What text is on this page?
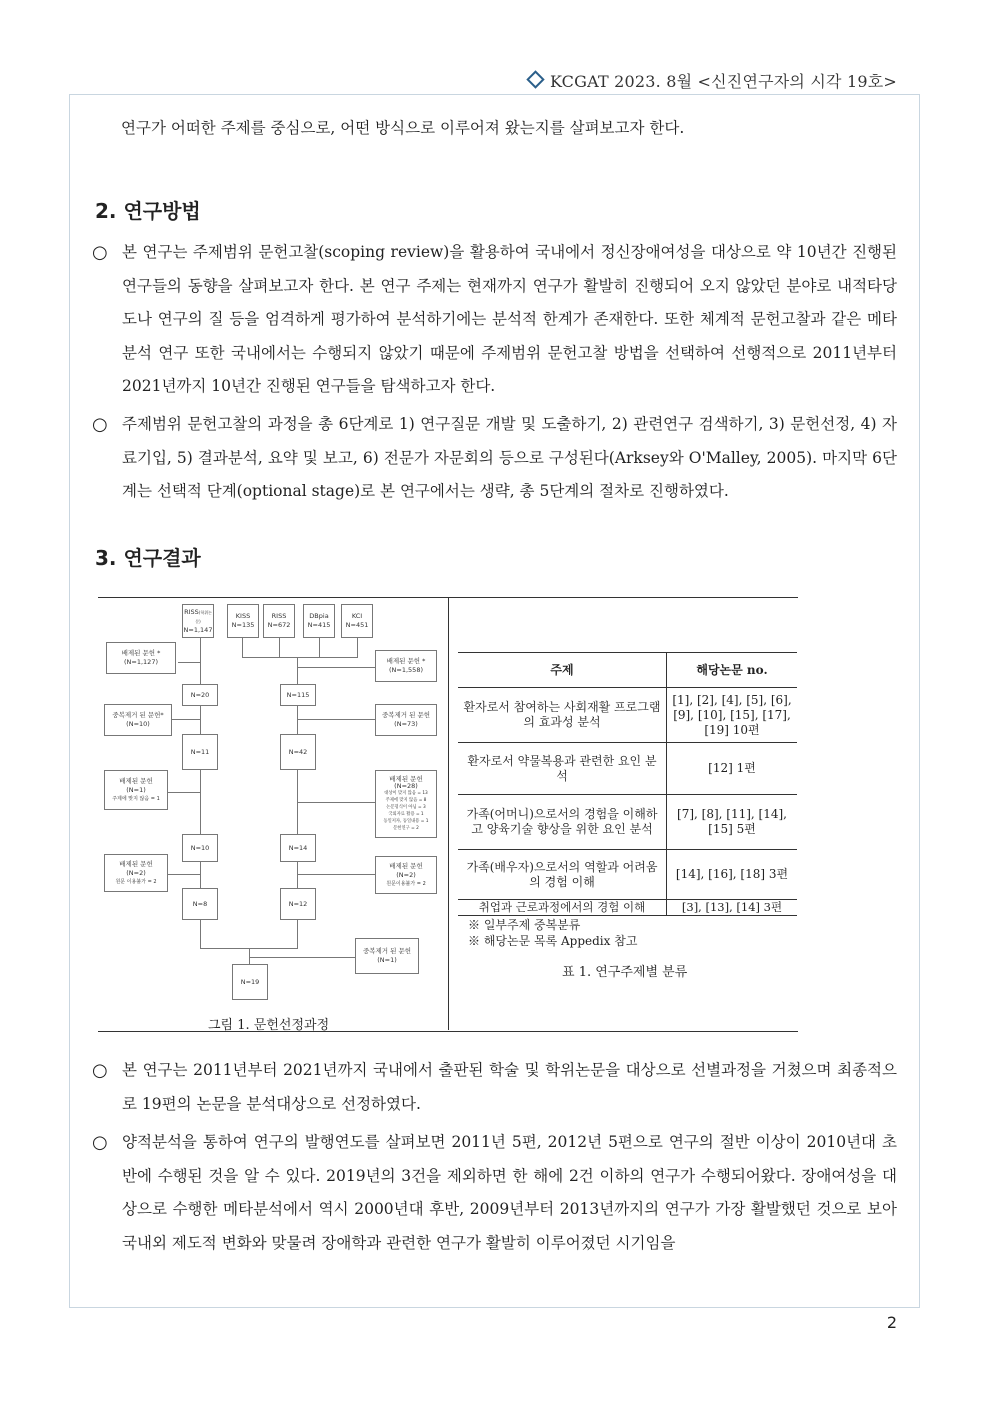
KCGAT 2023. 8월 <신진연구자의 시각 19호>
연구가 어떠한 주제를 중심으로, 어떤 방식으로 이루어져 왔는지를 살펴보고자 한다.
2. 연구방법
○ 본 연구는 주제범위 문헌고찰(scoping review)을 활용하여 국내에서 정신장애여성을 대상으로 약 10년간 진행된 연구들의 동향을 살펴보고자 한다. 본 연구 주제는 현재까지 연구가 활발히 진행되어 오지 않았던 분야로 내적타당도나 연구의 질 등을 엄격하게 평가하여 분석하기에는 분석적 한계가 존재한다. 또한 체계적 문헌고찰과 같은 메타분석 연구 또한 국내에서는 수행되지 않았기 때문에 주제범위 문헌고찰 방법을 선택하여 선행적으로 2011년부터 2021년까지 10년간 진행된 연구들을 탐색하고자 한다.
○ 주제범위 문헌고찰의 과정을 총 6단계로 1) 연구질문 개발 및 도출하기, 2) 관련연구 검색하기, 3) 문헌선정, 4) 자료기입, 5) 결과분석, 요약 및 보고, 6) 전문가 자문회의 등으로 구성된다(Arksey와 O'Malley, 2005). 마지막 6단계는 선택적 단계(optional stage)로 본 연구에서는 생략, 총 5단계의 절차로 진행하였다.
3. 연구결과
RISS(학위논문)
N=1,147
KISS
N=135
RISS
N=672
DBpia
N=415
KCI
N=451
N=20
N=11
N=10
N=8
N=115
N=42
N=14
N=12
N=19
배제된 문헌 *
(N=1,127)
중복제거 된 문헌*
(N=10)
배제된 문헌
(N=1)
주제에 맞지 않음 = 1
배제된 문헌
(N=2)
원문 이용불가 = 2
배제된 문헌 *
(N=1,558)
중복제거 된 문헌
(N=73)
배제된 문헌
(N=28)
대상이 맞지 않음 = 13
주제에 맞지 않음 = 8
논문형식이 아님 = 3
국외자료 활용 = 1
동일저자, 동일내용 = 1
문헌연구 = 2
배제된 문헌
(N=2)
원문이용불가 = 2
중복제거 된 문헌
(N=1)
그림 1. 문헌선정과정
주제	해당논문 no.
환자로서 참여하는 사회재활 프로그램의 효과성 분석	[1], [2], [4], [5], [6], [9], [10], [15], [17], [19] 10편
환자로서 약물복용과 관련한 요인 분석	[12] 1편
가족(어머니)으로서의 경험을 이해하고 양육기술 향상을 위한 요인 분석	[7], [8], [11], [14], [15] 5편
가족(배우자)으로서의 역할과 어려움의 경험 이해	[14], [16], [18] 3편
취업과 근로과정에서의 경험 이해	[3], [13], [14] 3편
※ 일부주제 중복분류
※ 해당논문 목록 Appedix 참고
표 1. 연구주제별 분류
○ 본 연구는 2011년부터 2021년까지 국내에서 출판된 학술 및 학위논문을 대상으로 선별과정을 거쳤으며 최종적으로 19편의 논문을 분석대상으로 선정하였다.
○ 양적분석을 통하여 연구의 발행연도를 살펴보면 2011년 5편, 2012년 5편으로 연구의 절반 이상이 2010년대 초반에 수행된 것을 알 수 있다. 2019년의 3건을 제외하면 한 해에 2건 이하의 연구가 수행되어왔다. 장애여성을 대상으로 수행한 메타분석에서 역시 2000년대 후반, 2009년부터 2013년까지의 연구가 가장 활발했던 것으로 보아 국내외 제도적 변화와 맞물려 장애학과 관련한 연구가 활발히 이루어졌던 시기임을
2
